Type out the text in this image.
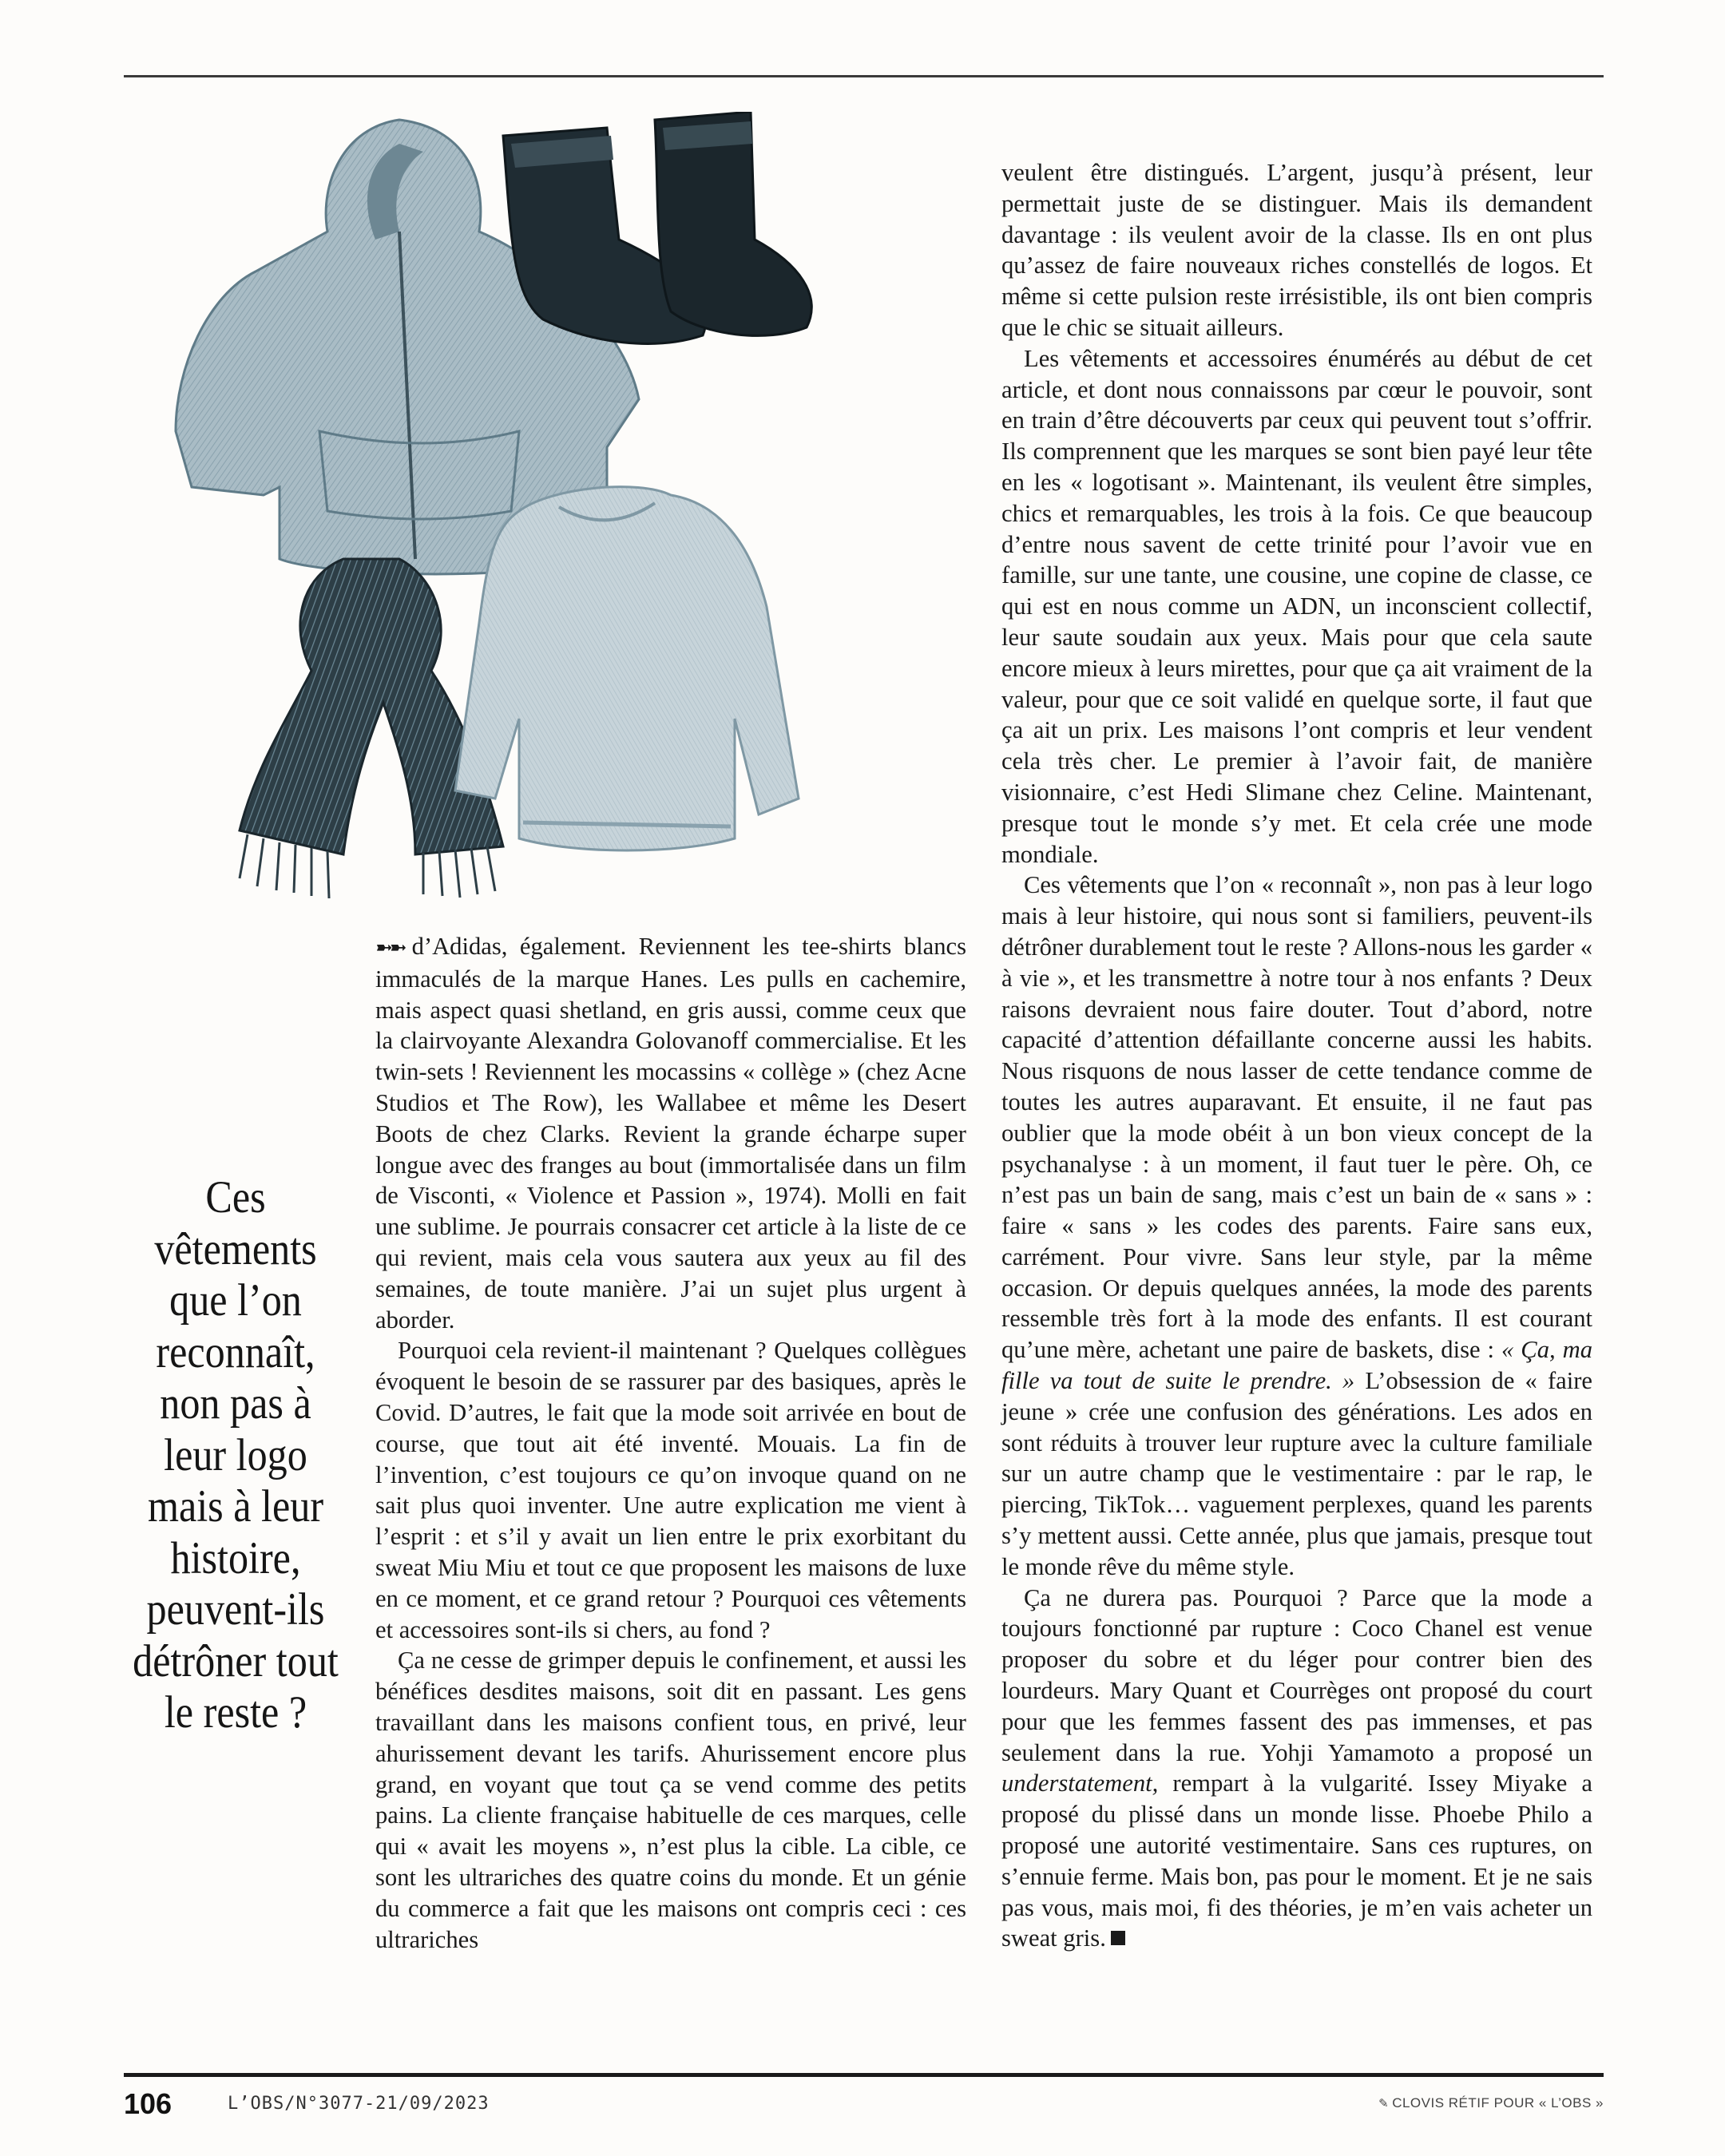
Ces vêtements que l’on reconnaît, non pas à leur logo mais à leur histoire, peuvent-ils détrôner tout le reste ?

➼➼ d’Adidas, également. Reviennent les tee-shirts blancs immaculés de la marque Hanes. Les pulls en cachemire, mais aspect quasi shetland, en gris aussi, comme ceux que la clairvoyante Alexandra Golovanoff commercialise. Et les twin-sets ! Reviennent les mocassins « collège » (chez Acne Studios et The Row), les Wallabee et même les Desert Boots de chez Clarks. Revient la grande écharpe super longue avec des franges au bout (immortalisée dans un film de Visconti, « Violence et Passion », 1974). Molli en fait une sublime. Je pourrais consacrer cet article à la liste de ce qui revient, mais cela vous sautera aux yeux au fil des semaines, de toute manière. J’ai un sujet plus urgent à aborder.

Pourquoi cela revient-il maintenant ? Quelques collègues évoquent le besoin de se rassurer par des basiques, après le Covid. D’autres, le fait que la mode soit arrivée en bout de course, que tout ait été inventé. Mouais. La fin de l’invention, c’est toujours ce qu’on invoque quand on ne sait plus quoi inventer. Une autre explication me vient à l’esprit : et s’il y avait un lien entre le prix exorbitant du sweat Miu Miu et tout ce que proposent les maisons de luxe en ce moment, et ce grand retour ? Pourquoi ces vêtements et accessoires sont-ils si chers, au fond ?

Ça ne cesse de grimper depuis le confinement, et aussi les bénéfices desdites maisons, soit dit en passant. Les gens travaillant dans les maisons confient tous, en privé, leur ahurissement devant les tarifs. Ahurissement encore plus grand, en voyant que tout ça se vend comme des petits pains. La cliente française habituelle de ces marques, celle qui « avait les moyens », n’est plus la cible. La cible, ce sont les ultrariches des quatre coins du monde. Et un génie du commerce a fait que les maisons ont compris ceci : ces ultrariches

veulent être distingués. L’argent, jusqu’à présent, leur permettait juste de se distinguer. Mais ils demandent davantage : ils veulent avoir de la classe. Ils en ont plus qu’assez de faire nouveaux riches constellés de logos. Et même si cette pulsion reste irrésistible, ils ont bien compris que le chic se situait ailleurs.

Les vêtements et accessoires énumérés au début de cet article, et dont nous connaissons par cœur le pouvoir, sont en train d’être découverts par ceux qui peuvent tout s’offrir. Ils comprennent que les marques se sont bien payé leur tête en les « logotisant ». Maintenant, ils veulent être simples, chics et remarquables, les trois à la fois. Ce que beaucoup d’entre nous savent de cette trinité pour l’avoir vue en famille, sur une tante, une cousine, une copine de classe, ce qui est en nous comme un ADN, un inconscient collectif, leur saute soudain aux yeux. Mais pour que cela saute encore mieux à leurs mirettes, pour que ça ait vraiment de la valeur, pour que ce soit validé en quelque sorte, il faut que ça ait un prix. Les maisons l’ont compris et leur vendent cela très cher. Le premier à l’avoir fait, de manière visionnaire, c’est Hedi Slimane chez Celine. Maintenant, presque tout le monde s’y met. Et cela crée une mode mondiale.

Ces vêtements que l’on « reconnaît », non pas à leur logo mais à leur histoire, qui nous sont si familiers, peuvent-ils détrôner durablement tout le reste ? Allons-nous les garder « à vie », et les transmettre à notre tour à nos enfants ? Deux raisons devraient nous faire douter. Tout d’abord, notre capacité d’attention défaillante concerne aussi les habits. Nous risquons de nous lasser de cette tendance comme de toutes les autres auparavant. Et ensuite, il ne faut pas oublier que la mode obéit à un bon vieux concept de la psychanalyse : à un moment, il faut tuer le père. Oh, ce n’est pas un bain de sang, mais c’est un bain de « sans » : faire « sans » les codes des parents. Faire sans eux, carrément. Pour vivre. Sans leur style, par la même occasion. Or depuis quelques années, la mode des parents ressemble très fort à la mode des enfants. Il est courant qu’une mère, achetant une paire de baskets, dise : « Ça, ma fille va tout de suite le prendre. » L’obsession de « faire jeune » crée une confusion des générations. Les ados en sont réduits à trouver leur rupture avec la culture familiale sur un autre champ que le vestimentaire : par le rap, le piercing, TikTok… vaguement perplexes, quand les parents s’y mettent aussi. Cette année, plus que jamais, presque tout le monde rêve du même style.

Ça ne durera pas. Pourquoi ? Parce que la mode a toujours fonctionné par rupture : Coco Chanel est venue proposer du sobre et du léger pour contrer bien des lourdeurs. Mary Quant et Courrèges ont proposé du court pour que les femmes fassent des pas immenses, et pas seulement dans la rue. Yohji Yamamoto a proposé un understatement, rempart à la vulgarité. Issey Miyake a proposé du plissé dans un monde lisse. Phoebe Philo a proposé une autorité vestimentaire. Sans ces ruptures, on s’ennuie ferme. Mais bon, pas pour le moment. Et je ne sais pas vous, mais moi, fi des théories, je m’en vais acheter un sweat gris.

106	L’OBS/N°3077-21/09/2023	✎ CLOVIS RÉTIF POUR « L’OBS »
